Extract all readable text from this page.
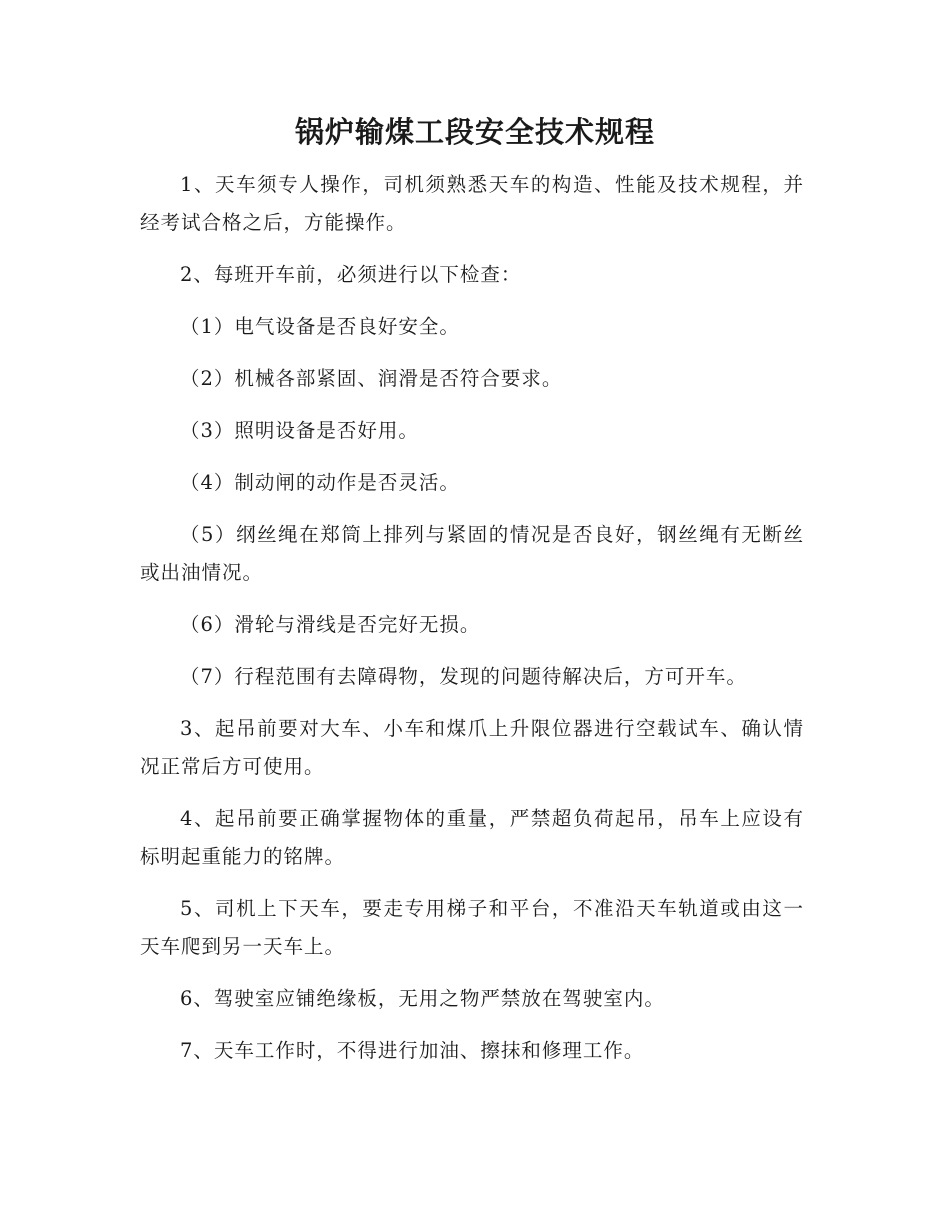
锅炉输煤工段安全技术规程

1、天车须专人操作，司机须熟悉天车的构造、性能及技术规程，并经考试合格之后，方能操作。

2、每班开车前，必须进行以下检查：

（1）电气设备是否良好安全。

（2）机械各部紧固、润滑是否符合要求。

（3）照明设备是否好用。

（4）制动闸的动作是否灵活。

（5）纲丝绳在郑筒上排列与紧固的情况是否良好，钢丝绳有无断丝或出油情况。

（6）滑轮与滑线是否完好无损。

（7）行程范围有去障碍物，发现的问题待解决后，方可开车。

3、起吊前要对大车、小车和煤爪上升限位器进行空载试车、确认情况正常后方可使用。

4、起吊前要正确掌握物体的重量，严禁超负荷起吊，吊车上应设有标明起重能力的铭牌。

5、司机上下天车，要走专用梯子和平台，不准沿天车轨道或由这一天车爬到另一天车上。

6、驾驶室应铺绝缘板，无用之物严禁放在驾驶室内。

7、天车工作时，不得进行加油、擦抹和修理工作。
